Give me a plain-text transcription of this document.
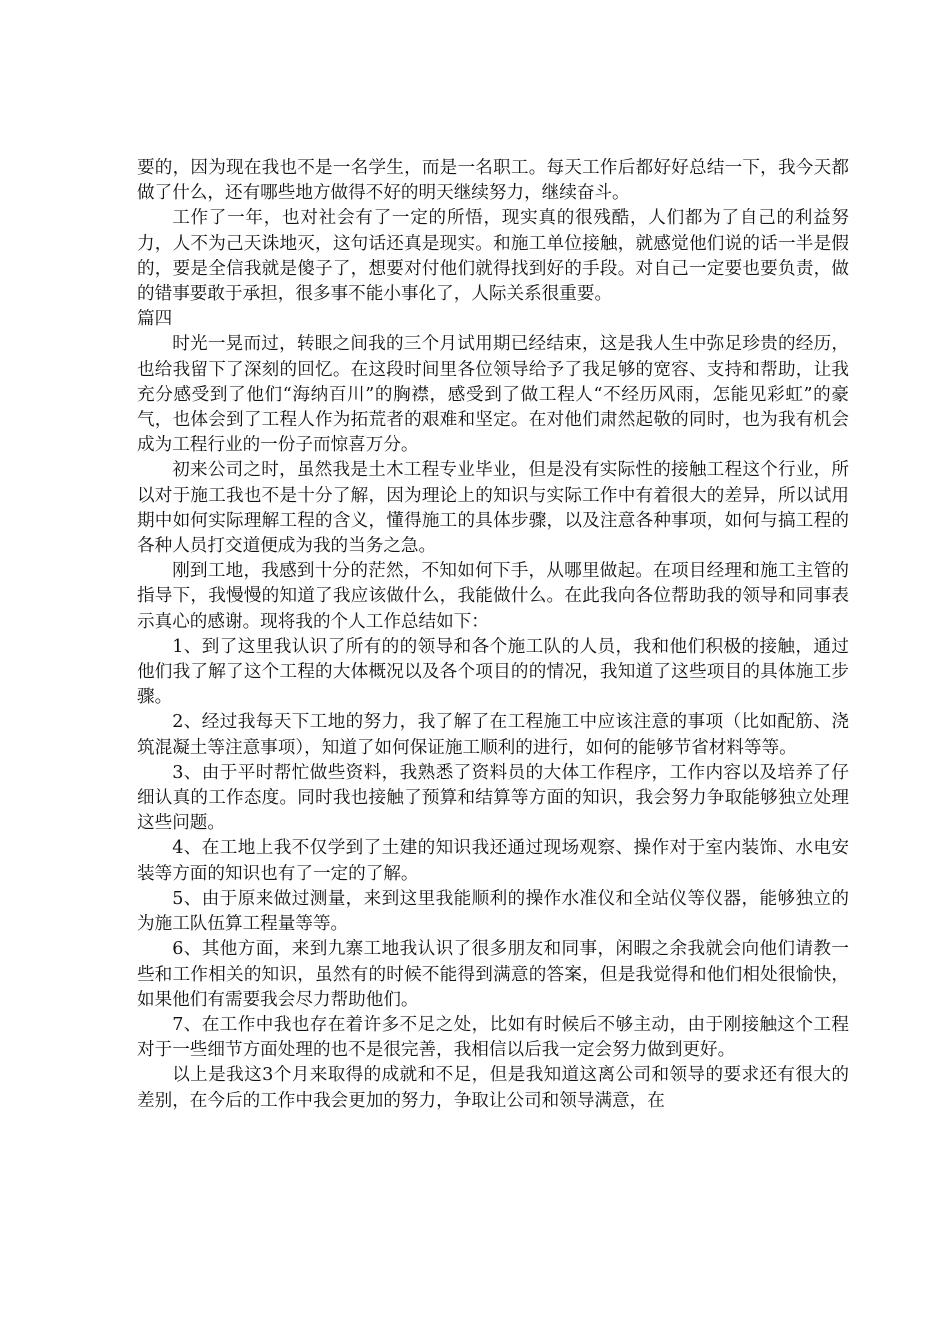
要的，因为现在我也不是一名学生，而是一名职工。每天工作后都好好总结一下，我今天都做了什么，还有哪些地方做得不好的明天继续努力，继续奋斗。

工作了一年，也对社会有了一定的所悟，现实真的很残酷，人们都为了自己的利益努力，人不为己天诛地灭，这句话还真是现实。和施工单位接触，就感觉他们说的话一半是假的，要是全信我就是傻子了，想要对付他们就得找到好的手段。对自己一定要也要负责，做的错事要敢于承担，很多事不能小事化了，人际关系很重要。

篇四

时光一晃而过，转眼之间我的三个月试用期已经结束，这是我人生中弥足珍贵的经历，也给我留下了深刻的回忆。在这段时间里各位领导给予了我足够的宽容、支持和帮助，让我充分感受到了他们“海纳百川”的胸襟，感受到了做工程人“不经历风雨，怎能见彩虹”的豪气，也体会到了工程人作为拓荒者的艰难和坚定。在对他们肃然起敬的同时，也为我有机会成为工程行业的一份子而惊喜万分。

初来公司之时，虽然我是土木工程专业毕业，但是没有实际性的接触工程这个行业，所以对于施工我也不是十分了解，因为理论上的知识与实际工作中有着很大的差异，所以试用期中如何实际理解工程的含义，懂得施工的具体步骤，以及注意各种事项，如何与搞工程的各种人员打交道便成为我的当务之急。

刚到工地，我感到十分的茫然，不知如何下手，从哪里做起。在项目经理和施工主管的指导下，我慢慢的知道了我应该做什么，我能做什么。在此我向各位帮助我的领导和同事表示真心的感谢。现将我的个人工作总结如下：

1、到了这里我认识了所有的的领导和各个施工队的人员，我和他们积极的接触，通过他们我了解了这个工程的大体概况以及各个项目的的情况，我知道了这些项目的具体施工步骤。

2、经过我每天下工地的努力，我了解了在工程施工中应该注意的事项（比如配筋、浇筑混凝土等注意事项），知道了如何保证施工顺利的进行，如何的能够节省材料等等。

3、由于平时帮忙做些资料，我熟悉了资料员的大体工作程序，工作内容以及培养了仔细认真的工作态度。同时我也接触了预算和结算等方面的知识，我会努力争取能够独立处理这些问题。

4、在工地上我不仅学到了土建的知识我还通过现场观察、操作对于室内装饰、水电安装等方面的知识也有了一定的了解。

5、由于原来做过测量，来到这里我能顺利的操作水准仪和全站仪等仪器，能够独立的为施工队伍算工程量等等。

6、其他方面，来到九寨工地我认识了很多朋友和同事，闲暇之余我就会向他们请教一些和工作相关的知识，虽然有的时候不能得到满意的答案，但是我觉得和他们相处很愉快，如果他们有需要我会尽力帮助他们。

7、在工作中我也存在着许多不足之处，比如有时候后不够主动，由于刚接触这个工程对于一些细节方面处理的也不是很完善，我相信以后我一定会努力做到更好。

以上是我这3个月来取得的成就和不足，但是我知道这离公司和领导的要求还有很大的差别，在今后的工作中我会更加的努力，争取让公司和领导满意，在
